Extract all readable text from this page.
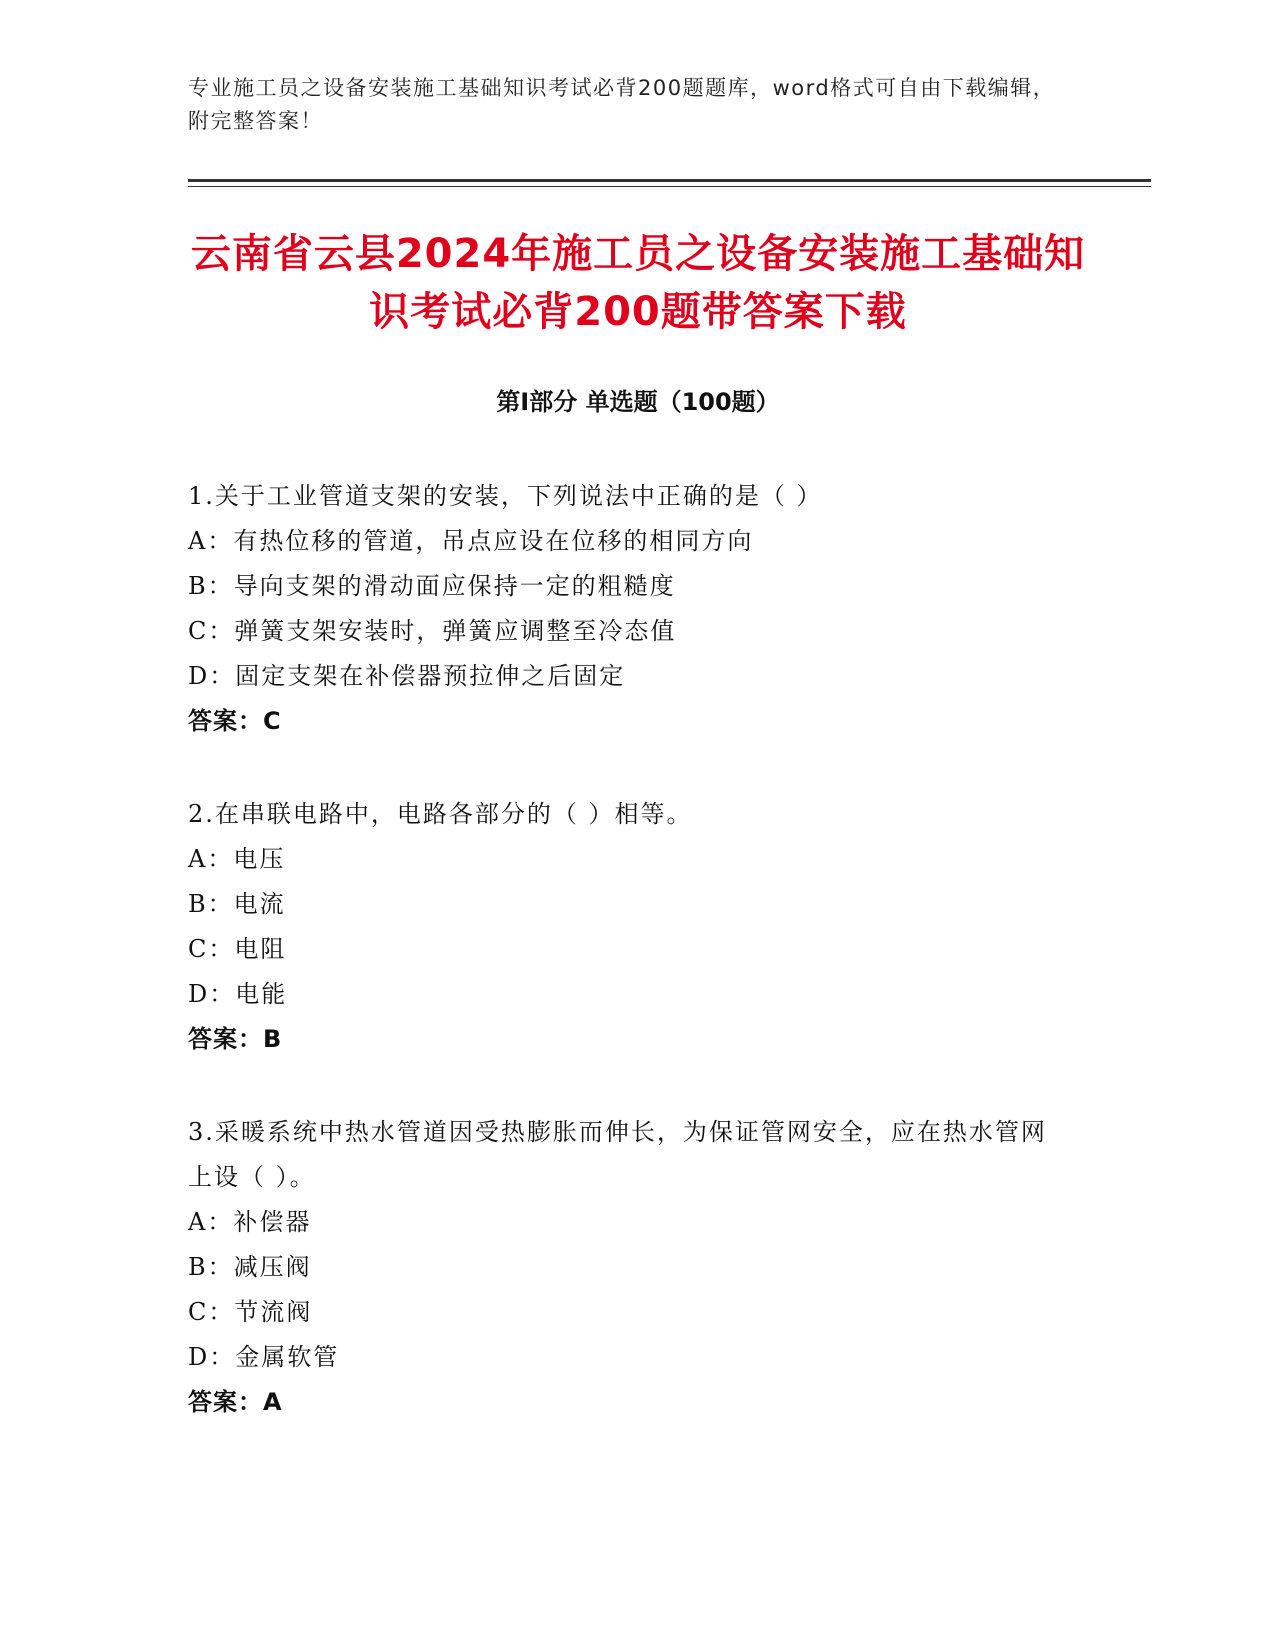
专业施工员之设备安装施工基础知识考试必背200题题库，word格式可自由下载编辑，附完整答案！
云南省云县2024年施工员之设备安装施工基础知识考试必背200题带答案下载
第Ⅰ部分 单选题（100题）
1.关于工业管道支架的安装，下列说法中正确的是（ ）
A：有热位移的管道，吊点应设在位移的相同方向
B：导向支架的滑动面应保持一定的粗糙度
C：弹簧支架安装时，弹簧应调整至冷态值
D：固定支架在补偿器预拉伸之后固定
答案：C
2.在串联电路中，电路各部分的（ ）相等。
A：电压
B：电流
C：电阻
D：电能
答案：B
3.采暖系统中热水管道因受热膨胀而伸长，为保证管网安全，应在热水管网上设（ ）。
A：补偿器
B：减压阀
C：节流阀
D：金属软管
答案：A
